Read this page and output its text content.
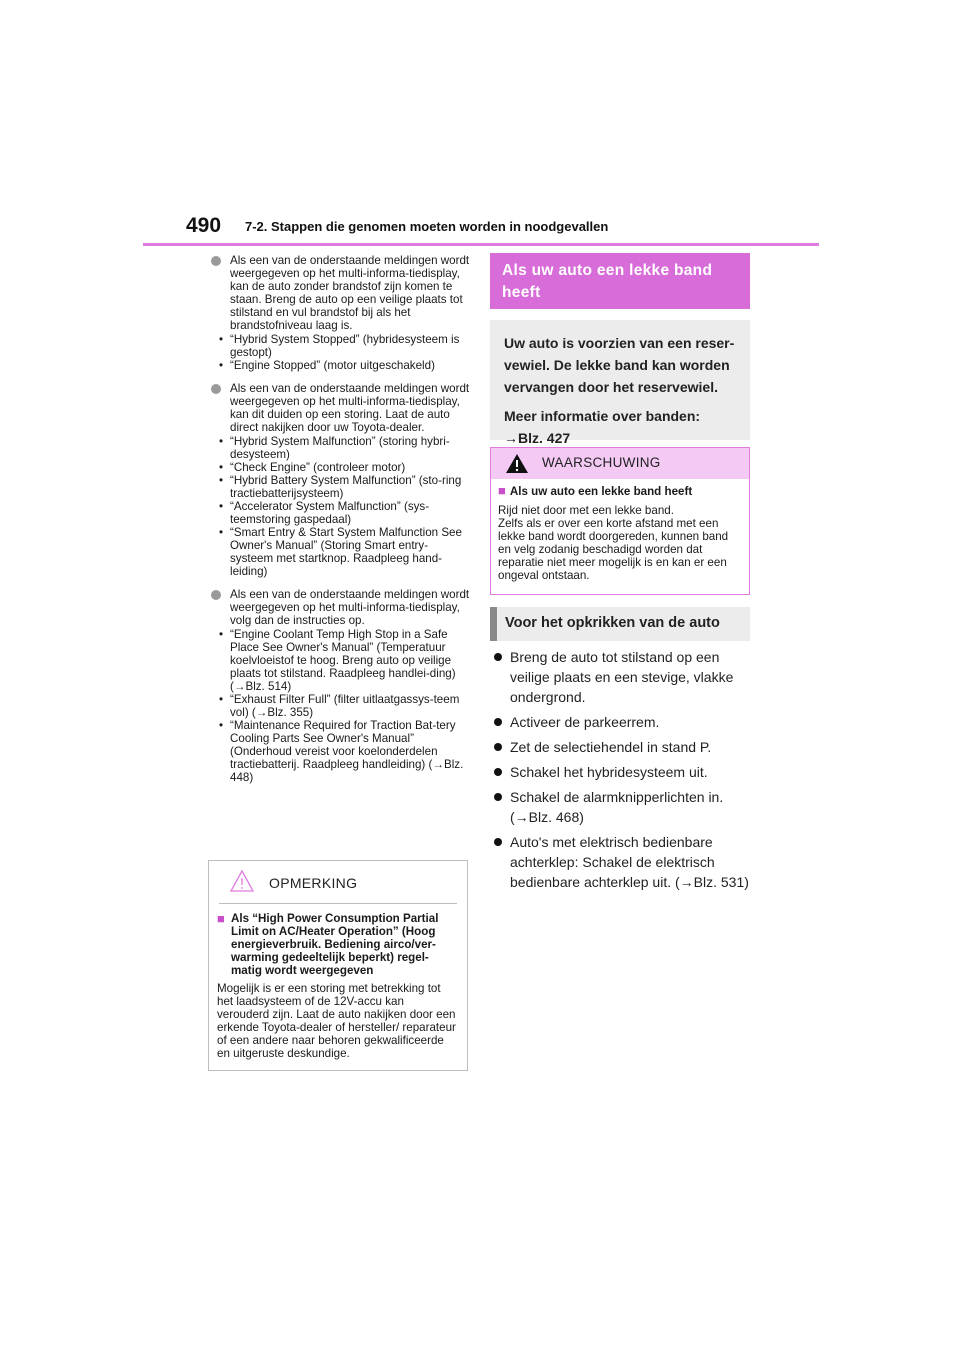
490 7-2. Stappen die genomen moeten worden in noodgevallen
Als een van de onderstaande meldingen wordt weergegeven op het multi-informa-tiedisplay, kan de auto zonder brandstof zijn komen te staan. Breng de auto op een veilige plaats tot stilstand en vul brandstof bij als het brandstofniveau laag is.
• “Hybrid System Stopped” (hybridesysteem is gestopt)
• “Engine Stopped” (motor uitgeschakeld)
Als een van de onderstaande meldingen wordt weergegeven op het multi-informa-tiedisplay, kan dit duiden op een storing. Laat de auto direct nakijken door uw Toyota-dealer.
• “Hybrid System Malfunction” (storing hybri-desysteem)
• “Check Engine” (controleer motor)
• “Hybrid Battery System Malfunction” (sto-ring tractiebatterijsysteem)
• “Accelerator System Malfunction” (sys-teemstoring gaspedaal)
• “Smart Entry & Start System Malfunction See Owner's Manual” (Storing Smart entry-systeem met startknop. Raadpleeg hand-leiding)
Als een van de onderstaande meldingen wordt weergegeven op het multi-informa-tiedisplay, volg dan de instructies op.
• “Engine Coolant Temp High Stop in a Safe Place See Owner's Manual” (Temperatuur koelvloeistof te hoog. Breng auto op veilige plaats tot stilstand. Raadpleeg handlei-ding) (→Blz. 514)
• “Exhaust Filter Full” (filter uitlaatgassys-teem vol) (→Blz. 355)
• “Maintenance Required for Traction Bat-tery Cooling Parts See Owner's Manual” (Onderhoud vereist voor koelonderdelen tractiebatterij. Raadpleeg handleiding) (→Blz. 448)
OPMERKING
■ Als “High Power Consumption Partial Limit on AC/Heater Operation” (Hoog energieverbruik. Bediening airco/ver-warming gedeeltelijk beperkt) regel-matig wordt weergegeven
Mogelijk is er een storing met betrekking tot het laadsysteem of de 12V-accu kan verouderd zijn. Laat de auto nakijken door een erkende Toyota-dealer of hersteller/ reparateur of een andere naar behoren gekwalificeerde en uitgeruste deskundige.
Als uw auto een lekke band heeft
Uw auto is voorzien van een reser-vewiel. De lekke band kan worden vervangen door het reservewiel.
Meer informatie over banden:
→Blz. 427
WAARSCHUWING
■ Als uw auto een lekke band heeft
Rijd niet door met een lekke band.
Zelfs als er over een korte afstand met een lekke band wordt doorgereden, kunnen band en velg zodanig beschadigd worden dat reparatie niet meer mogelijk is en kan er een ongeval ontstaan.
Voor het opkrikken van de auto
Breng de auto tot stilstand op een veilige plaats en een stevige, vlakke ondergrond.
Activeer de parkeerrem.
Zet de selectiehendel in stand P.
Schakel het hybridesysteem uit.
Schakel de alarmknipperlichten in. (→Blz. 468)
Auto's met elektrisch bedienbare achterklep: Schakel de elektrisch bedienbare achterklep uit. (→Blz. 531)
